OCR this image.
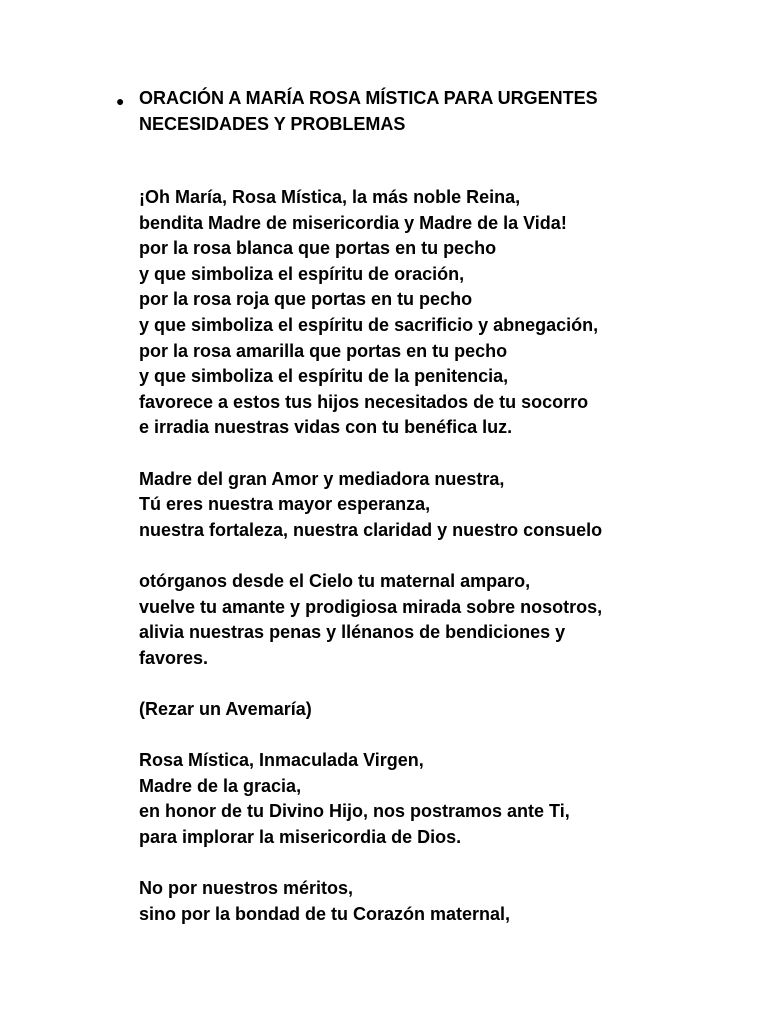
● ORACIÓN A MARÍA ROSA MÍSTICA PARA URGENTES
NECESIDADES Y PROBLEMAS
¡Oh María, Rosa Mística, la más noble Reina,
bendita Madre de misericordia y Madre de la Vida!
por la rosa blanca que portas en tu pecho
y que simboliza el espíritu de oración,
por la rosa roja que portas en tu pecho
y que simboliza el espíritu de sacrificio y abnegación,
por la rosa amarilla que portas en tu pecho
y que simboliza el espíritu de la penitencia,
favorece a estos tus hijos necesitados de tu socorro
e irradia nuestras vidas con tu benéfica luz.
Madre del gran Amor y mediadora nuestra,
Tú eres nuestra mayor esperanza,
nuestra fortaleza, nuestra claridad y nuestro consuelo
otórganos desde el Cielo tu maternal amparo,
vuelve tu amante y prodigiosa mirada sobre nosotros,
alivia nuestras penas y llénanos de bendiciones y
favores.
(Rezar un Avemaría)
Rosa Mística, Inmaculada Virgen,
Madre de la gracia,
en honor de tu Divino Hijo, nos postramos ante Ti,
para implorar la misericordia de Dios.
No por nuestros méritos,
sino por la bondad de tu Corazón maternal,
